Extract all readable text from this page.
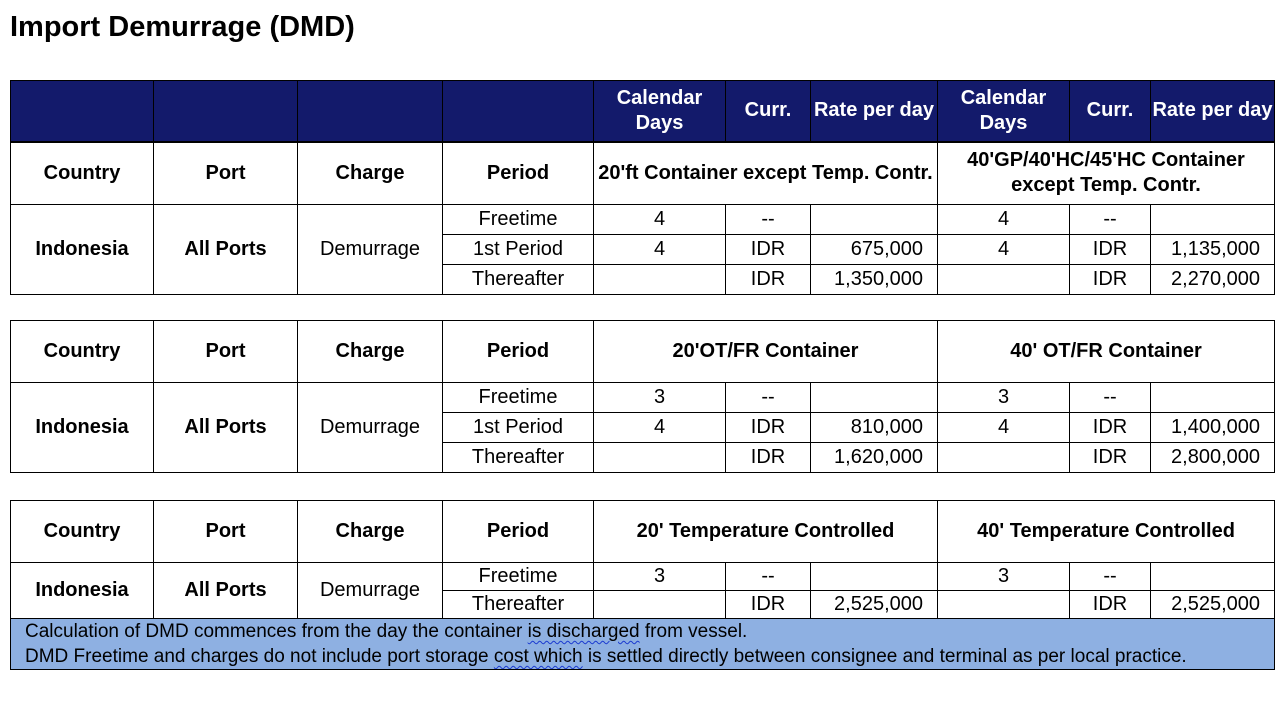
Import Demurrage (DMD)
				Calendar Days	Curr.	Rate per day	Calendar Days	Curr.	Rate per day
Country	Port	Charge	Period	20'ft Container except Temp. Contr.			40'GP/40'HC/45'HC Container except Temp. Contr.		
Indonesia	All Ports	Demurrage	Freetime	4	--		4	--	
			1st Period	4	IDR	675,000	4	IDR	1,135,000
			Thereafter		IDR	1,350,000		IDR	2,270,000
Country	Port	Charge	Period	20'OT/FR Container			40' OT/FR Container		
Indonesia	All Ports	Demurrage	Freetime	3	--		3	--	
			1st Period	4	IDR	810,000	4	IDR	1,400,000
			Thereafter		IDR	1,620,000		IDR	2,800,000
Country	Port	Charge	Period	20' Temperature Controlled			40' Temperature Controlled		
Indonesia	All Ports	Demurrage	Freetime	3	--		3	--	
			Thereafter		IDR	2,525,000		IDR	2,525,000

Calculation of DMD commences from the day the container is discharged from vessel.

DMD Freetime and charges do not include port storage cost which is settled directly between consignee and terminal as per local practice.									
